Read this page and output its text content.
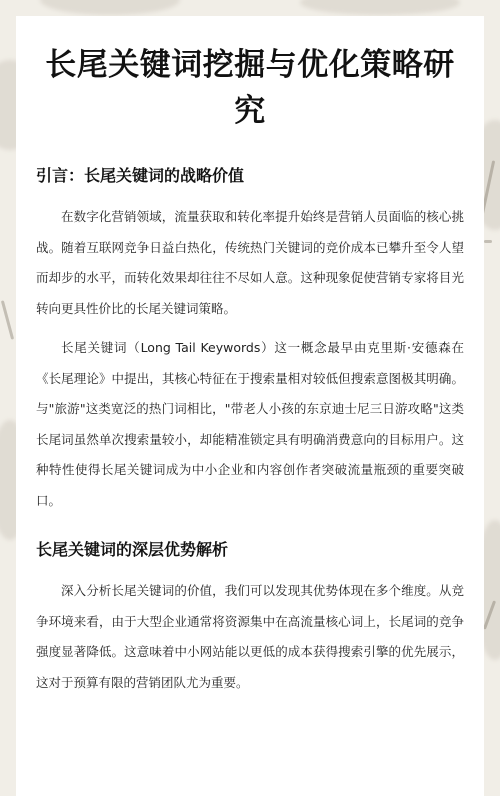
长尾关键词挖掘与优化策略研究
引言：长尾关键词的战略价值

在数字化营销领域，流量获取和转化率提升始终是营销人员面临的核心挑战。随着互联网竞争日益白热化，传统热门关键词的竞价成本已攀升至令人望而却步的水平，而转化效果却往往不尽如人意。这种现象促使营销专家将目光转向更具性价比的长尾关键词策略。

长尾关键词（Long Tail Keywords）这一概念最早由克里斯·安德森在《长尾理论》中提出，其核心特征在于搜索量相对较低但搜索意图极其明确。与"旅游"这类宽泛的热门词相比，"带老人小孩的东京迪士尼三日游攻略"这类长尾词虽然单次搜索量较小，却能精准锁定具有明确消费意向的目标用户。这种特性使得长尾关键词成为中小企业和内容创作者突破流量瓶颈的重要突破口。

长尾关键词的深层优势解析

深入分析长尾关键词的价值，我们可以发现其优势体现在多个维度。从竞争环境来看，由于大型企业通常将资源集中在高流量核心词上，长尾词的竞争强度显著降低。这意味着中小网站能以更低的成本获得搜索引擎的优先展示，这对于预算有限的营销团队尤为重要。
